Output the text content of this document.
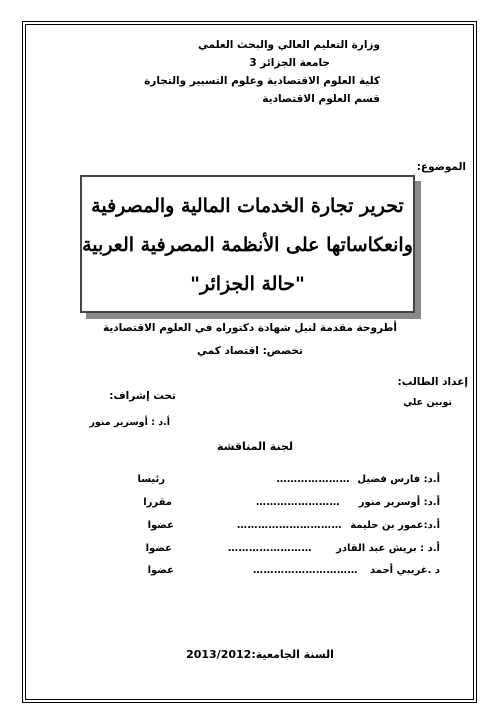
وزارة التعليم العالي والبحث العلمي
جامعة الجزائر 3
كلية العلوم الاقتصادية وعلوم التسيير والتجارة
قسم العلوم الاقتصادية
الموضوع:
تحرير تجارة الخدمات المالية والمصرفية
وانعكاساتها على الأنظمة المصرفية العربية
"حالة الجزائر"
أطروحة مقدمة لنيل شهادة دكتوراه في العلوم الاقتصادية
تخصص: اقتصاد كمي
إعداد الطالب:
توبين علي
تحت إشراف:
أ.د : أوسرير منور
لجنة المناقشة
أ.د: فارس فضيل
…………………
رئيسا
أ.د: أوسرير منور
……………………
مقررا
أ.د:عمور بن حليمة
…………………………
عضوا
أ.د : بريش عبد القادر
……………………
عضوا
د .غريبي أحمد
…………………………
عضوا
السنة الجامعية:2013/2012
